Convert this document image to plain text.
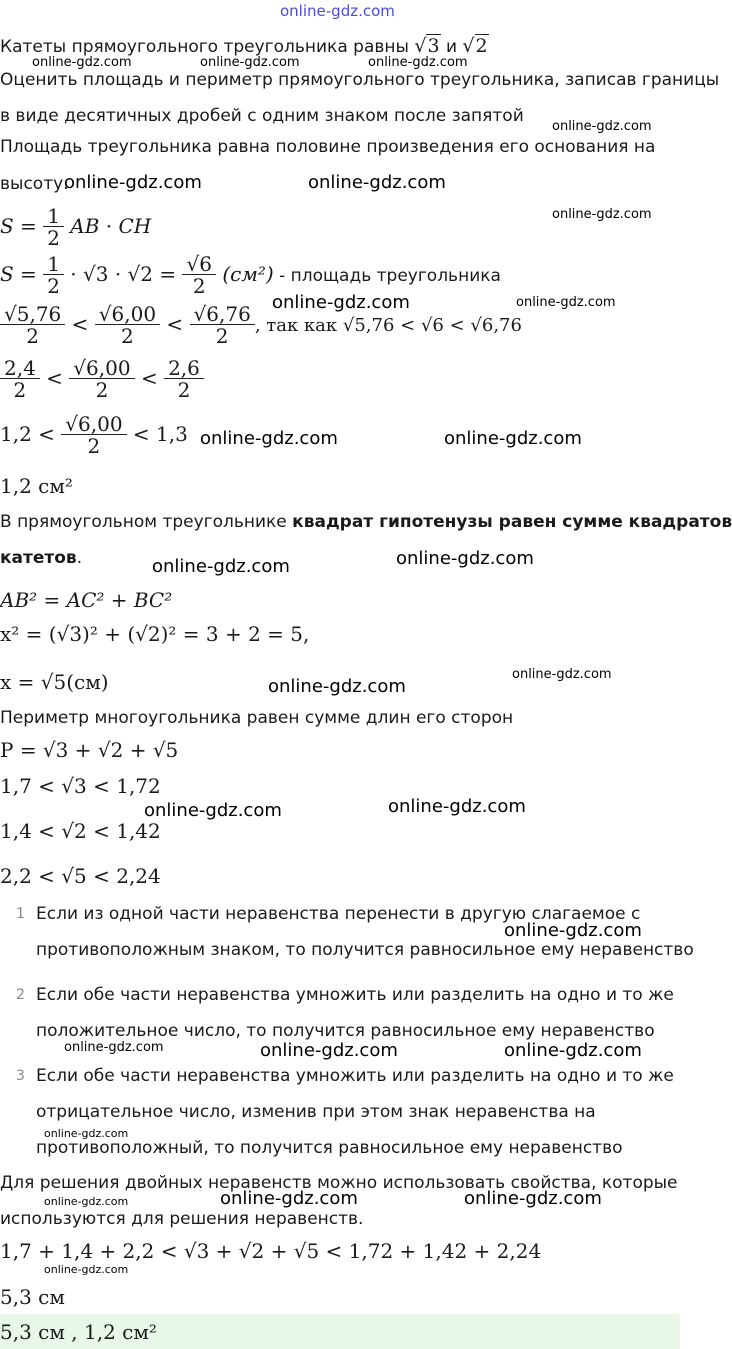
online-gdz.com
Катеты прямоугольного треугольника равны √3 и √2
Оценить площадь и периметр прямоугольного треугольника, записав границы
в виде десятичных дробей с одним знаком после запятой
Площадь треугольника равна половине произведения его основания на
высоту.
$S = \frac{1}{2}$ AB · CH
$S = \frac{1}{2} \cdot √3 \cdot √2 = \frac{√6}{2} (см^2)$ - площадь треугольника
$\frac{√5,76}{2} < \frac{√6,00}{2} < \frac{√6,76}{2}$ , так как √5,76 < √6 < √6,76
$\frac{2,4}{2} < \frac{√6,00}{2} < \frac{2,6}{2}$
$1,2 < \frac{√6,00}{2} < 1,3$
1,2 см²
В прямоугольном треугольнике квадрат гипотенузы равен сумме квадратов
катетов.
AB² = AC² + BC²
x² = (√3)² + (√2)² = 3 + 2 = 5,
x = √5(см)
Периметр многоугольника равен сумме длин его сторон
P = √3 + √2 + √5
1,7 < √3 < 1,72
1,4 < √2 < 1,42
2,2 < √5 < 2,24
1 Если из одной части неравенства перенести в другую слагаемое с
противоположным знаком, то получится равносильное ему неравенство
2 Если обе части неравенства умножить или разделить на одно и то же
положительное число, то получится равносильное ему неравенство
3 Если обе части неравенства умножить или разделить на одно и то же
отрицательное число, изменив при этом знак неравенства на
противоположный, то получится равносильное ему неравенство
Для решения двойных неравенств можно использовать свойства, которые
используются для решения неравенств.
1,7 + 1,4 + 2,2 < √3 + √2 + √5 < 1,72 + 1,42 + 2,24
5,3 см
5,3 см , 1,2 см²
online-gdz.com	online-gdz.com	online-gdz.com
online-gdz.com
online-gdz.com	online-gdz.com
online-gdz.com
online-gdz.com	online-gdz.com
online-gdz.com	online-gdz.com
online-gdz.com
online-gdz.com
online-gdz.com
online-gdz.com
online-gdz.com
online-gdz.com
online-gdz.com
online-gdz.com	online-gdz.com	online-gdz.com
online-gdz.com
online-gdz.com	online-gdz.com
online-gdz.com
online-gdz.com
